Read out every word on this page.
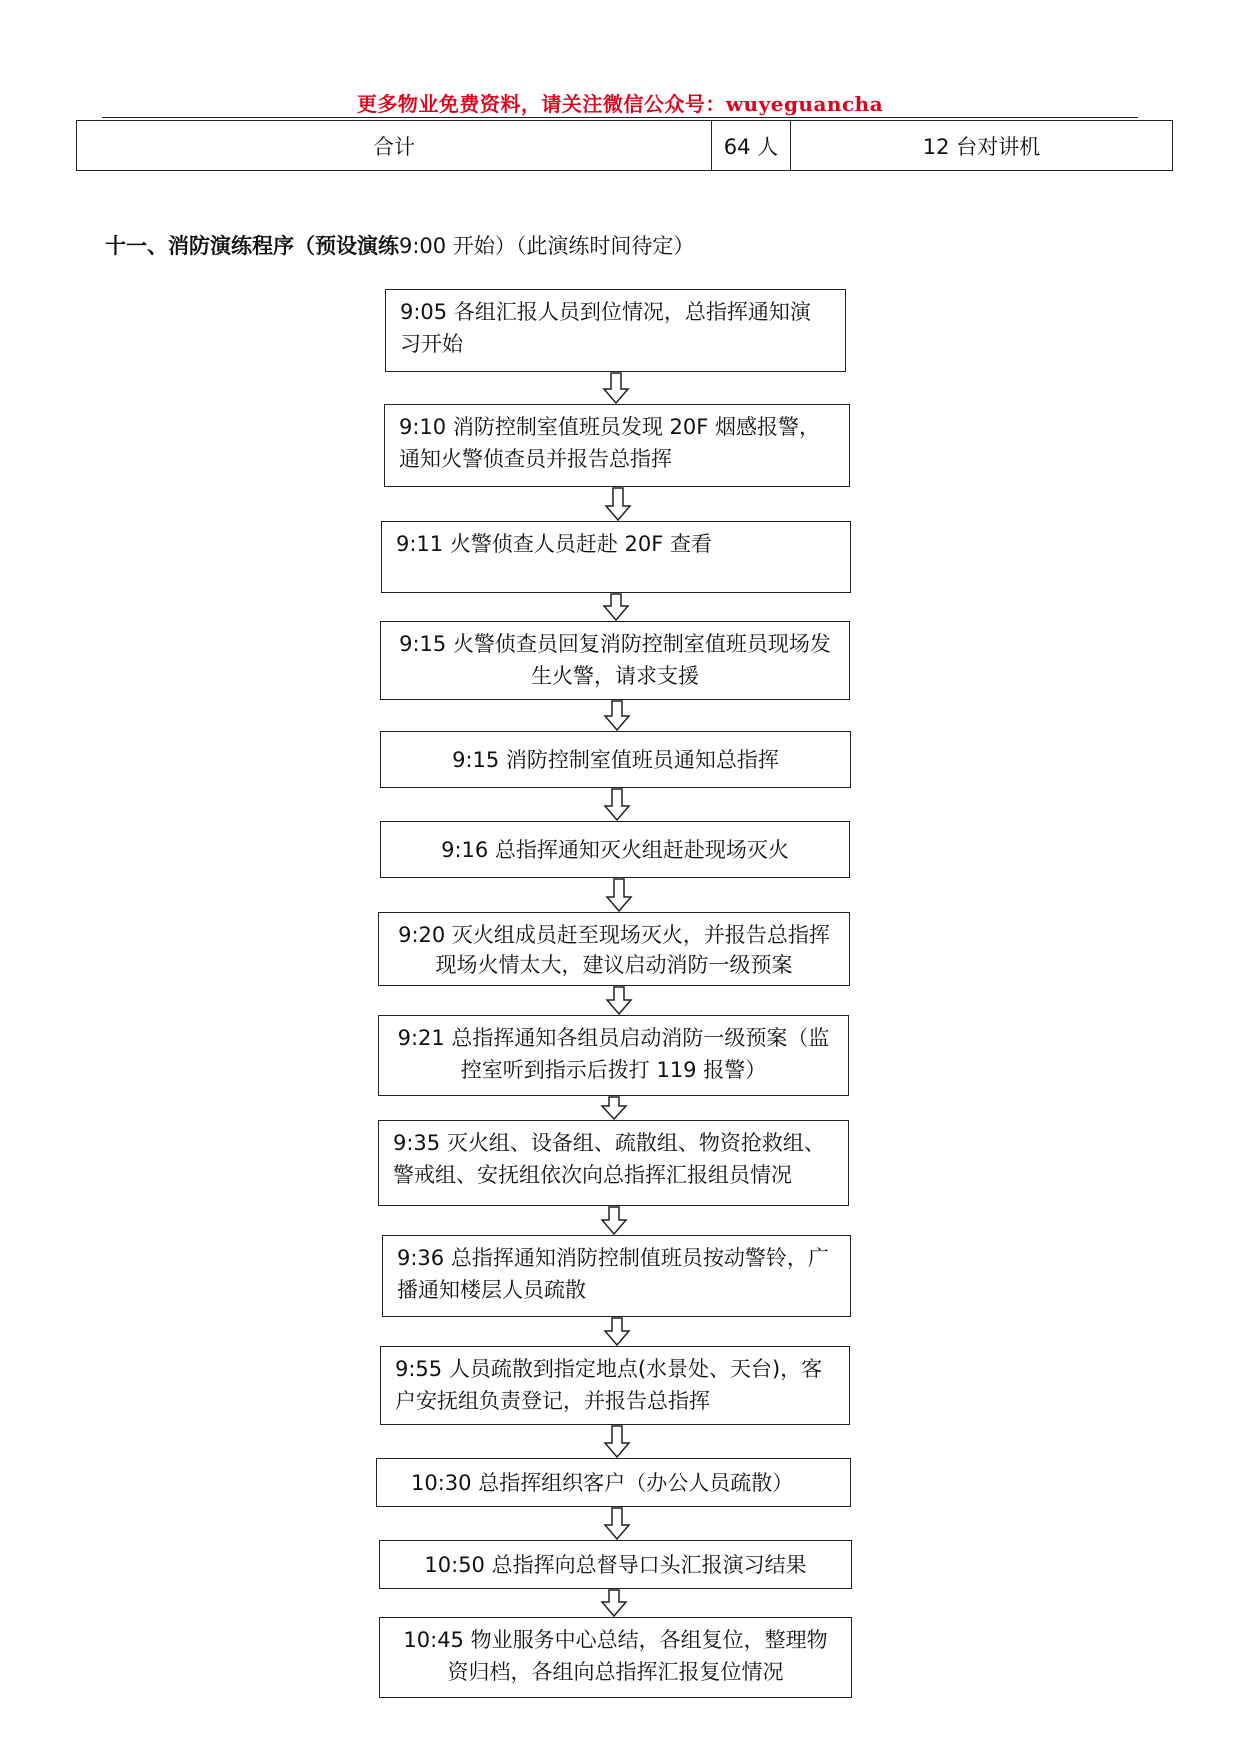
更多物业免费资料，请关注微信公众号：wuyeguancha
合计	64 人	12 台对讲机
十一、消防演练程序（预设演练9:00 开始）（此演练时间待定）
9:05 各组汇报人员到位情况，总指挥通知演习开始
9:10 消防控制室值班员发现 20F 烟感报警，通知火警侦查员并报告总指挥
9:11 火警侦查人员赶赴 20F 查看
9:15 火警侦查员回复消防控制室值班员现场发生火警，请求支援
9:15 消防控制室值班员通知总指挥
9:16 总指挥通知灭火组赶赴现场灭火
9:20 灭火组成员赶至现场灭火，并报告总指挥现场火情太大，建议启动消防一级预案
9:21 总指挥通知各组员启动消防一级预案（监控室听到指示后拨打 119 报警）
9:35 灭火组、设备组、疏散组、物资抢救组、警戒组、安抚组依次向总指挥汇报组员情况
9:36 总指挥通知消防控制值班员按动警铃，广播通知楼层人员疏散
9:55 人员疏散到指定地点(水景处、天台)，客户安抚组负责登记，并报告总指挥
10:30 总指挥组织客户（办公人员疏散）
10:50 总指挥向总督导口头汇报演习结果
10:45 物业服务中心总结，各组复位，整理物资归档，各组向总指挥汇报复位情况
